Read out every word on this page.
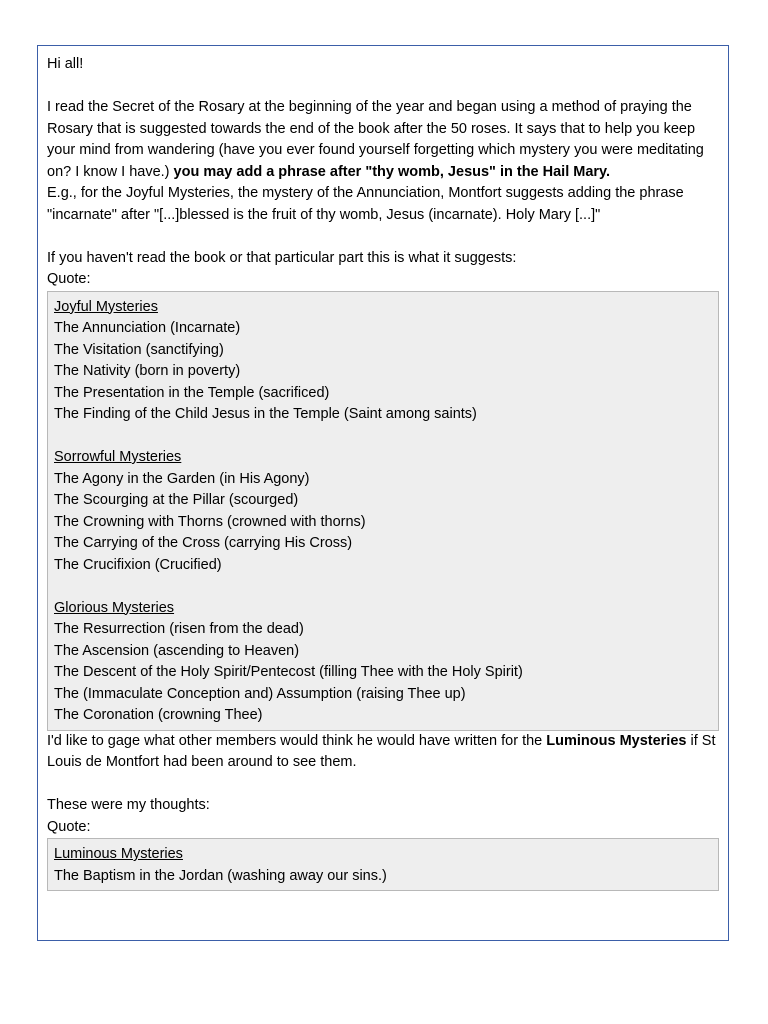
Hi all!

I read the Secret of the Rosary at the beginning of the year and began using a method of praying the Rosary that is suggested towards the end of the book after the 50 roses. It says that to help you keep your mind from wandering (have you ever found yourself forgetting which mystery you were meditating on? I know I have.) you may add a phrase after "thy womb, Jesus" in the Hail Mary.

E.g., for the Joyful Mysteries, the mystery of the Annunciation, Montfort suggests adding the phrase "incarnate" after "[...]blessed is the fruit of thy womb, Jesus (incarnate). Holy Mary [...]"

If you haven't read the book or that particular part this is what it suggests:

Quote:

Joyful Mysteries
The Annunciation (Incarnate)
The Visitation (sanctifying)
The Nativity (born in poverty)
The Presentation in the Temple (sacrificed)
The Finding of the Child Jesus in the Temple (Saint among saints)
Sorrowful Mysteries
The Agony in the Garden (in His Agony)
The Scourging at the Pillar (scourged)
The Crowning with Thorns (crowned with thorns)
The Carrying of the Cross (carrying His Cross)
The Crucifixion (Crucified)
Glorious Mysteries
The Resurrection (risen from the dead)
The Ascension (ascending to Heaven)
The Descent of the Holy Spirit/Pentecost (filling Thee with the Holy Spirit)
The (Immaculate Conception and) Assumption (raising Thee up)
The Coronation (crowning Thee)

I'd like to gage what other members would think he would have written for the Luminous Mysteries if St Louis de Montfort had been around to see them.

These were my thoughts:

Quote:

Luminous Mysteries
The Baptism in the Jordan (washing away our sins.)
